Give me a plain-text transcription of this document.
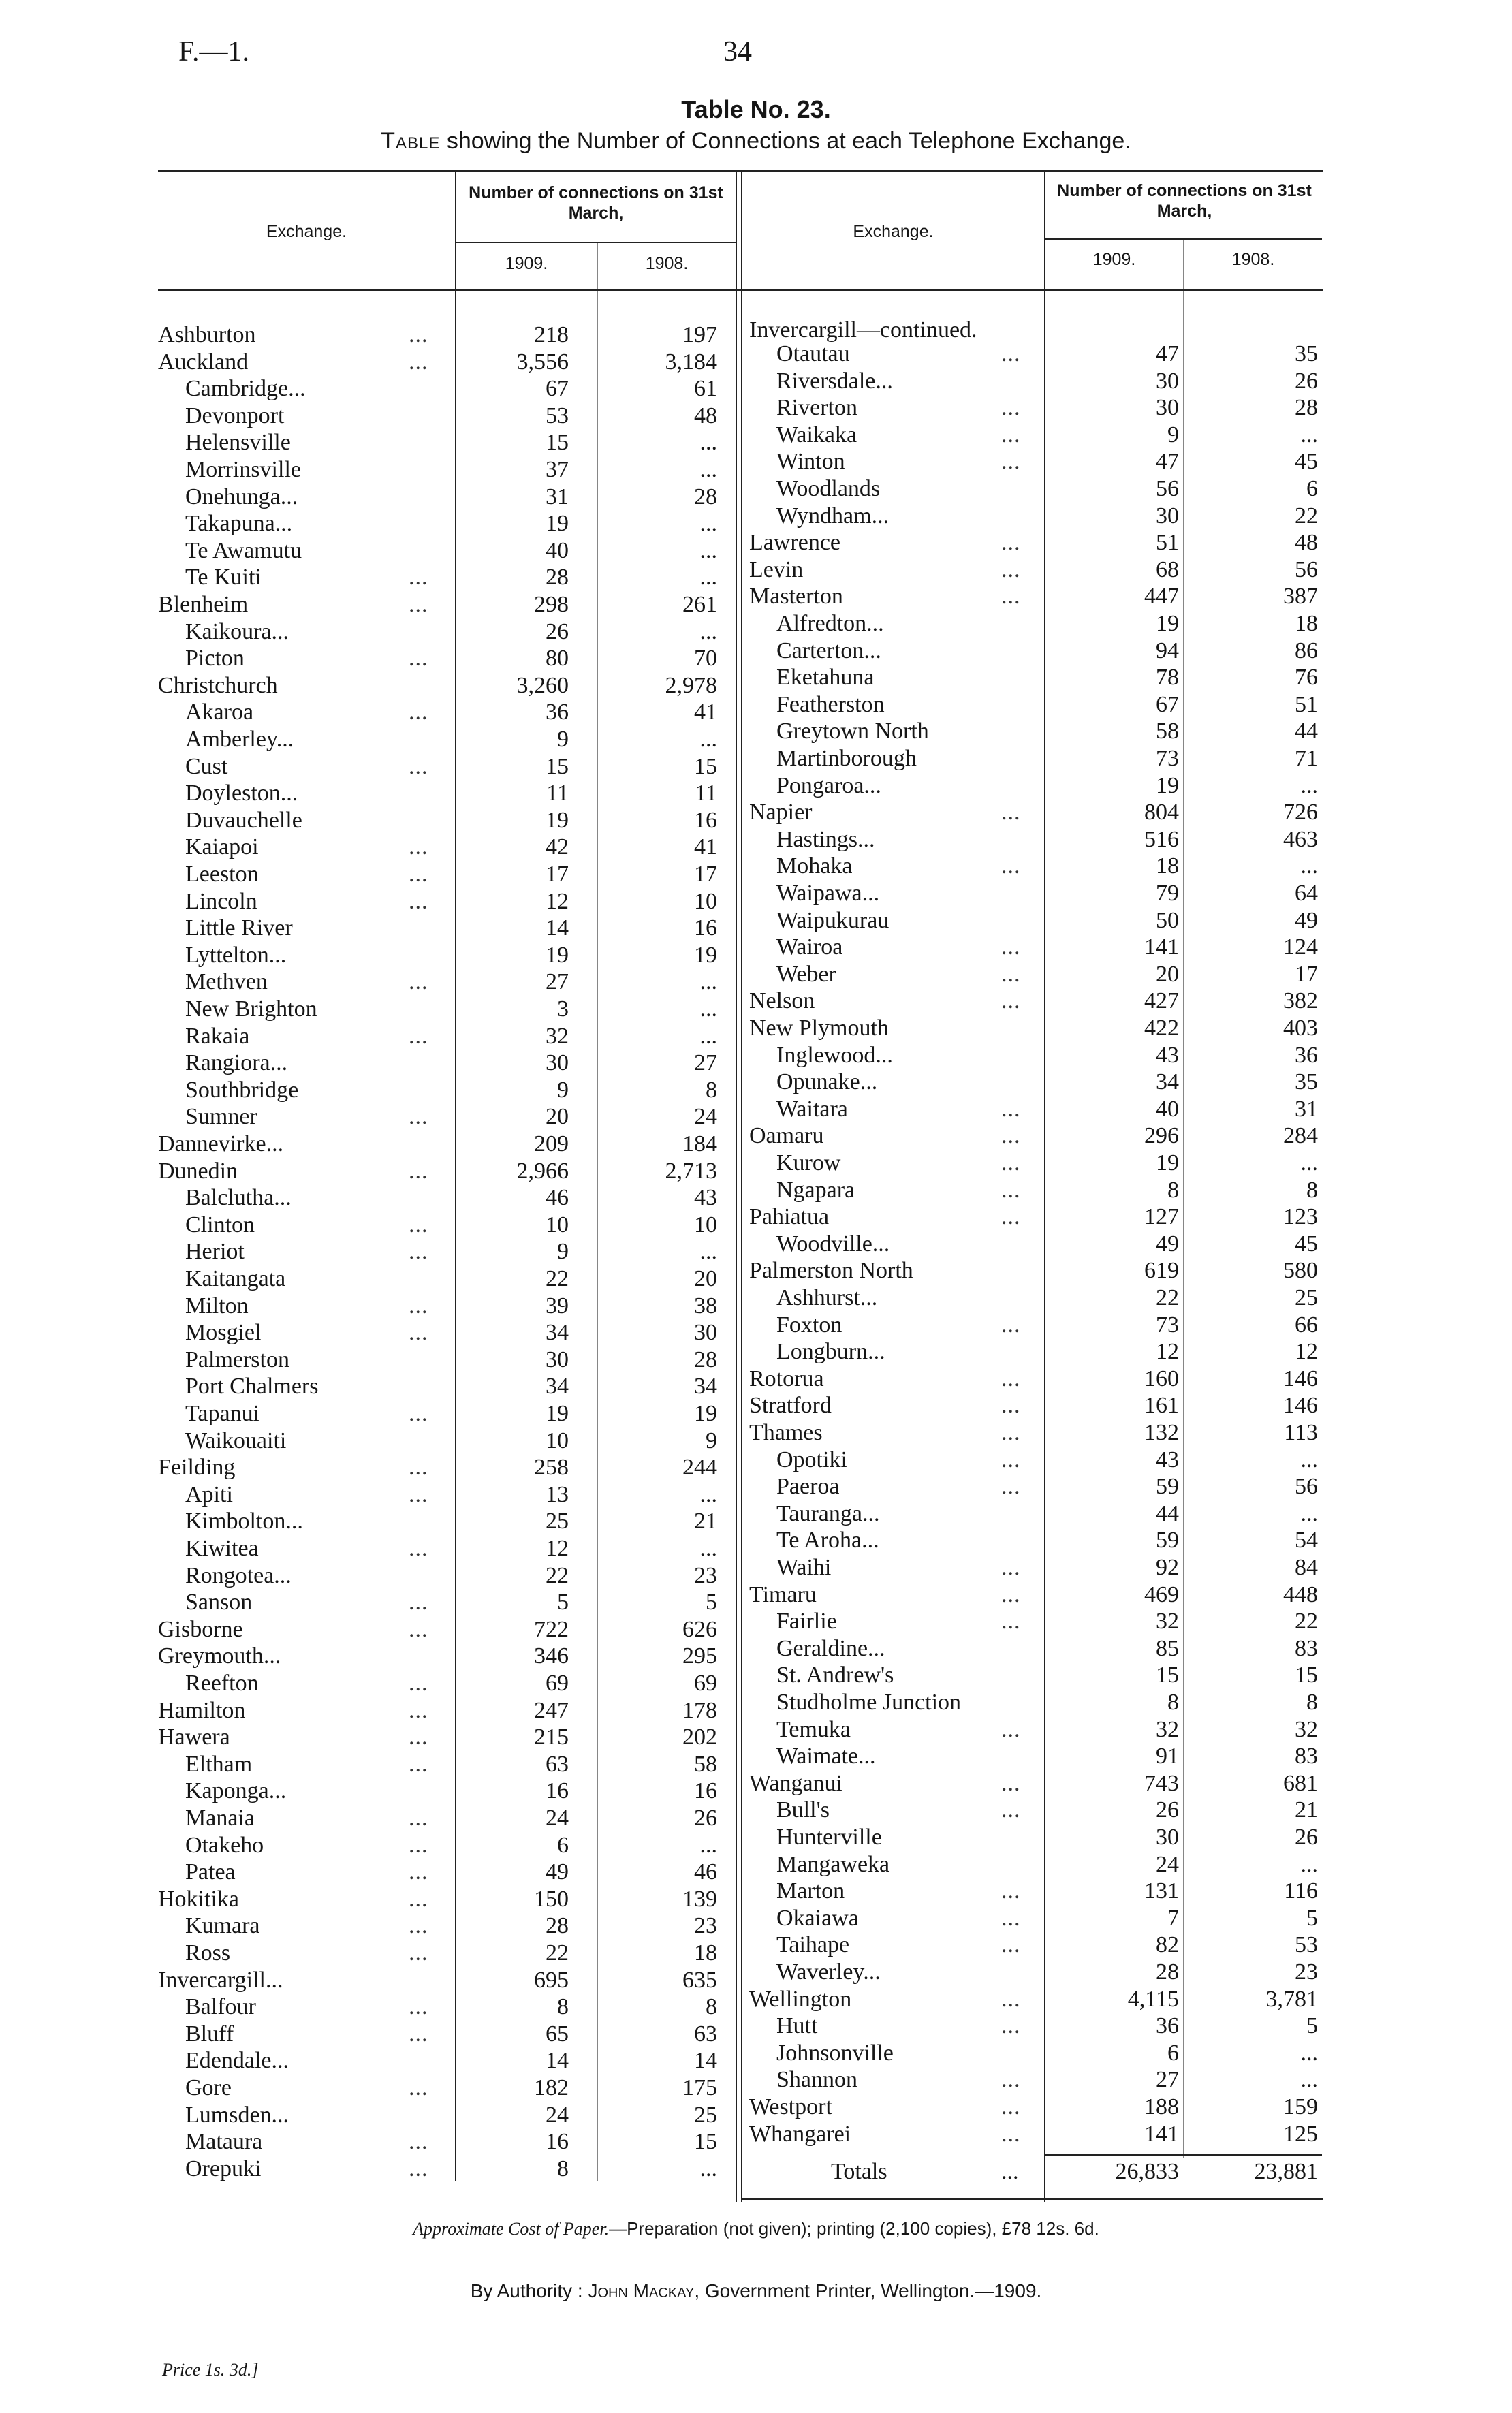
F.—1.	34
Table No. 23.
Table showing the Number of Connections at each Telephone Exchange.
Exchange.
Number of connections on 31st March,
1909.	1908.
Exchange.
Number of connections on 31st March,
1909.	1908.
Ashburton	...	218	197
Auckland	...	3,556	3,184
Cambridge...	67	61
Devonport	53	48
Helensville	15	...
Morrinsville	37	...
Onehunga...	31	28
Takapuna...	19	...
Te Awamutu	40	...
Te Kuiti	...	28	...
Blenheim	...	298	261
Kaikoura...	26	...
Picton	...	80	70
Christchurch	3,260	2,978
Akaroa	...	36	41
Amberley...	9	...
Cust	...	15	15
Doyleston...	11	11
Duvauchelle	19	16
Kaiapoi	...	42	41
Leeston	...	17	17
Lincoln	...	12	10
Little River	14	16
Lyttelton...	19	19
Methven	...	27	...
New Brighton	3	...
Rakaia	...	32	...
Rangiora...	30	27
Southbridge	9	8
Sumner	...	20	24
Dannevirke...	209	184
Dunedin	...	2,966	2,713
Balclutha...	46	43
Clinton	...	10	10
Heriot	...	9	...
Kaitangata	22	20
Milton	...	39	38
Mosgiel	...	34	30
Palmerston	30	28
Port Chalmers	34	34
Tapanui	...	19	19
Waikouaiti	10	9
Feilding	...	258	244
Apiti	...	13	...
Kimbolton...	25	21
Kiwitea	...	12	...
Rongotea...	22	23
Sanson	...	5	5
Gisborne	...	722	626
Greymouth...	346	295
Reefton	...	69	69
Hamilton	...	247	178
Hawera	...	215	202
Eltham	...	63	58
Kaponga...	16	16
Manaia	...	24	26
Otakeho	...	6	...
Patea	...	49	46
Hokitika	...	150	139
Kumara	...	28	23
Ross	...	22	18
Invercargill...	695	635
Balfour	...	8	8
Bluff	...	65	63
Edendale...	14	14
Gore	...	182	175
Lumsden...	24	25
Mataura	...	16	15
Orepuki	...	8	...
Invercargill—continued.
Otautau	...	47	35
Riversdale...	30	26
Riverton	...	30	28
Waikaka	...	9	...
Winton	...	47	45
Woodlands	56	6
Wyndham...	30	22
Lawrence	...	51	48
Levin	...	68	56
Masterton	...	447	387
Alfredton...	19	18
Carterton...	94	86
Eketahuna	78	76
Featherston	67	51
Greytown North	58	44
Martinborough	73	71
Pongaroa...	19	...
Napier	...	804	726
Hastings...	516	463
Mohaka	...	18	...
Waipawa...	79	64
Waipukurau	50	49
Wairoa	...	141	124
Weber	...	20	17
Nelson	...	427	382
New Plymouth	422	403
Inglewood...	43	36
Opunake...	34	35
Waitara	...	40	31
Oamaru	...	296	284
Kurow	...	19	...
Ngapara	...	8	8
Pahiatua	...	127	123
Woodville...	49	45
Palmerston North	619	580
Ashhurst...	22	25
Foxton	...	73	66
Longburn...	12	12
Rotorua	...	160	146
Stratford	...	161	146
Thames	...	132	113
Opotiki	...	43	...
Paeroa	...	59	56
Tauranga...	44	...
Te Aroha...	59	54
Waihi	...	92	84
Timaru	...	469	448
Fairlie	...	32	22
Geraldine...	85	83
St. Andrew's	15	15
Studholme Junction	8	8
Temuka	...	32	32
Waimate...	91	83
Wanganui	...	743	681
Bull's	...	26	21
Hunterville	30	26
Mangaweka	24	...
Marton	...	131	116
Okaiawa	...	7	5
Taihape	...	82	53
Waverley...	28	23
Wellington	...	4,115	3,781
Hutt	...	36	5
Johnsonville	6	...
Shannon	...	27	...
Westport	...	188	159
Whangarei	...	141	125
Totals	...	26,833	23,881
Approximate Cost of Paper.—Preparation (not given); printing (2,100 copies), £78 12s. 6d.
By Authority : John Mackay, Government Printer, Wellington.—1909.
Price 1s. 3d.]
